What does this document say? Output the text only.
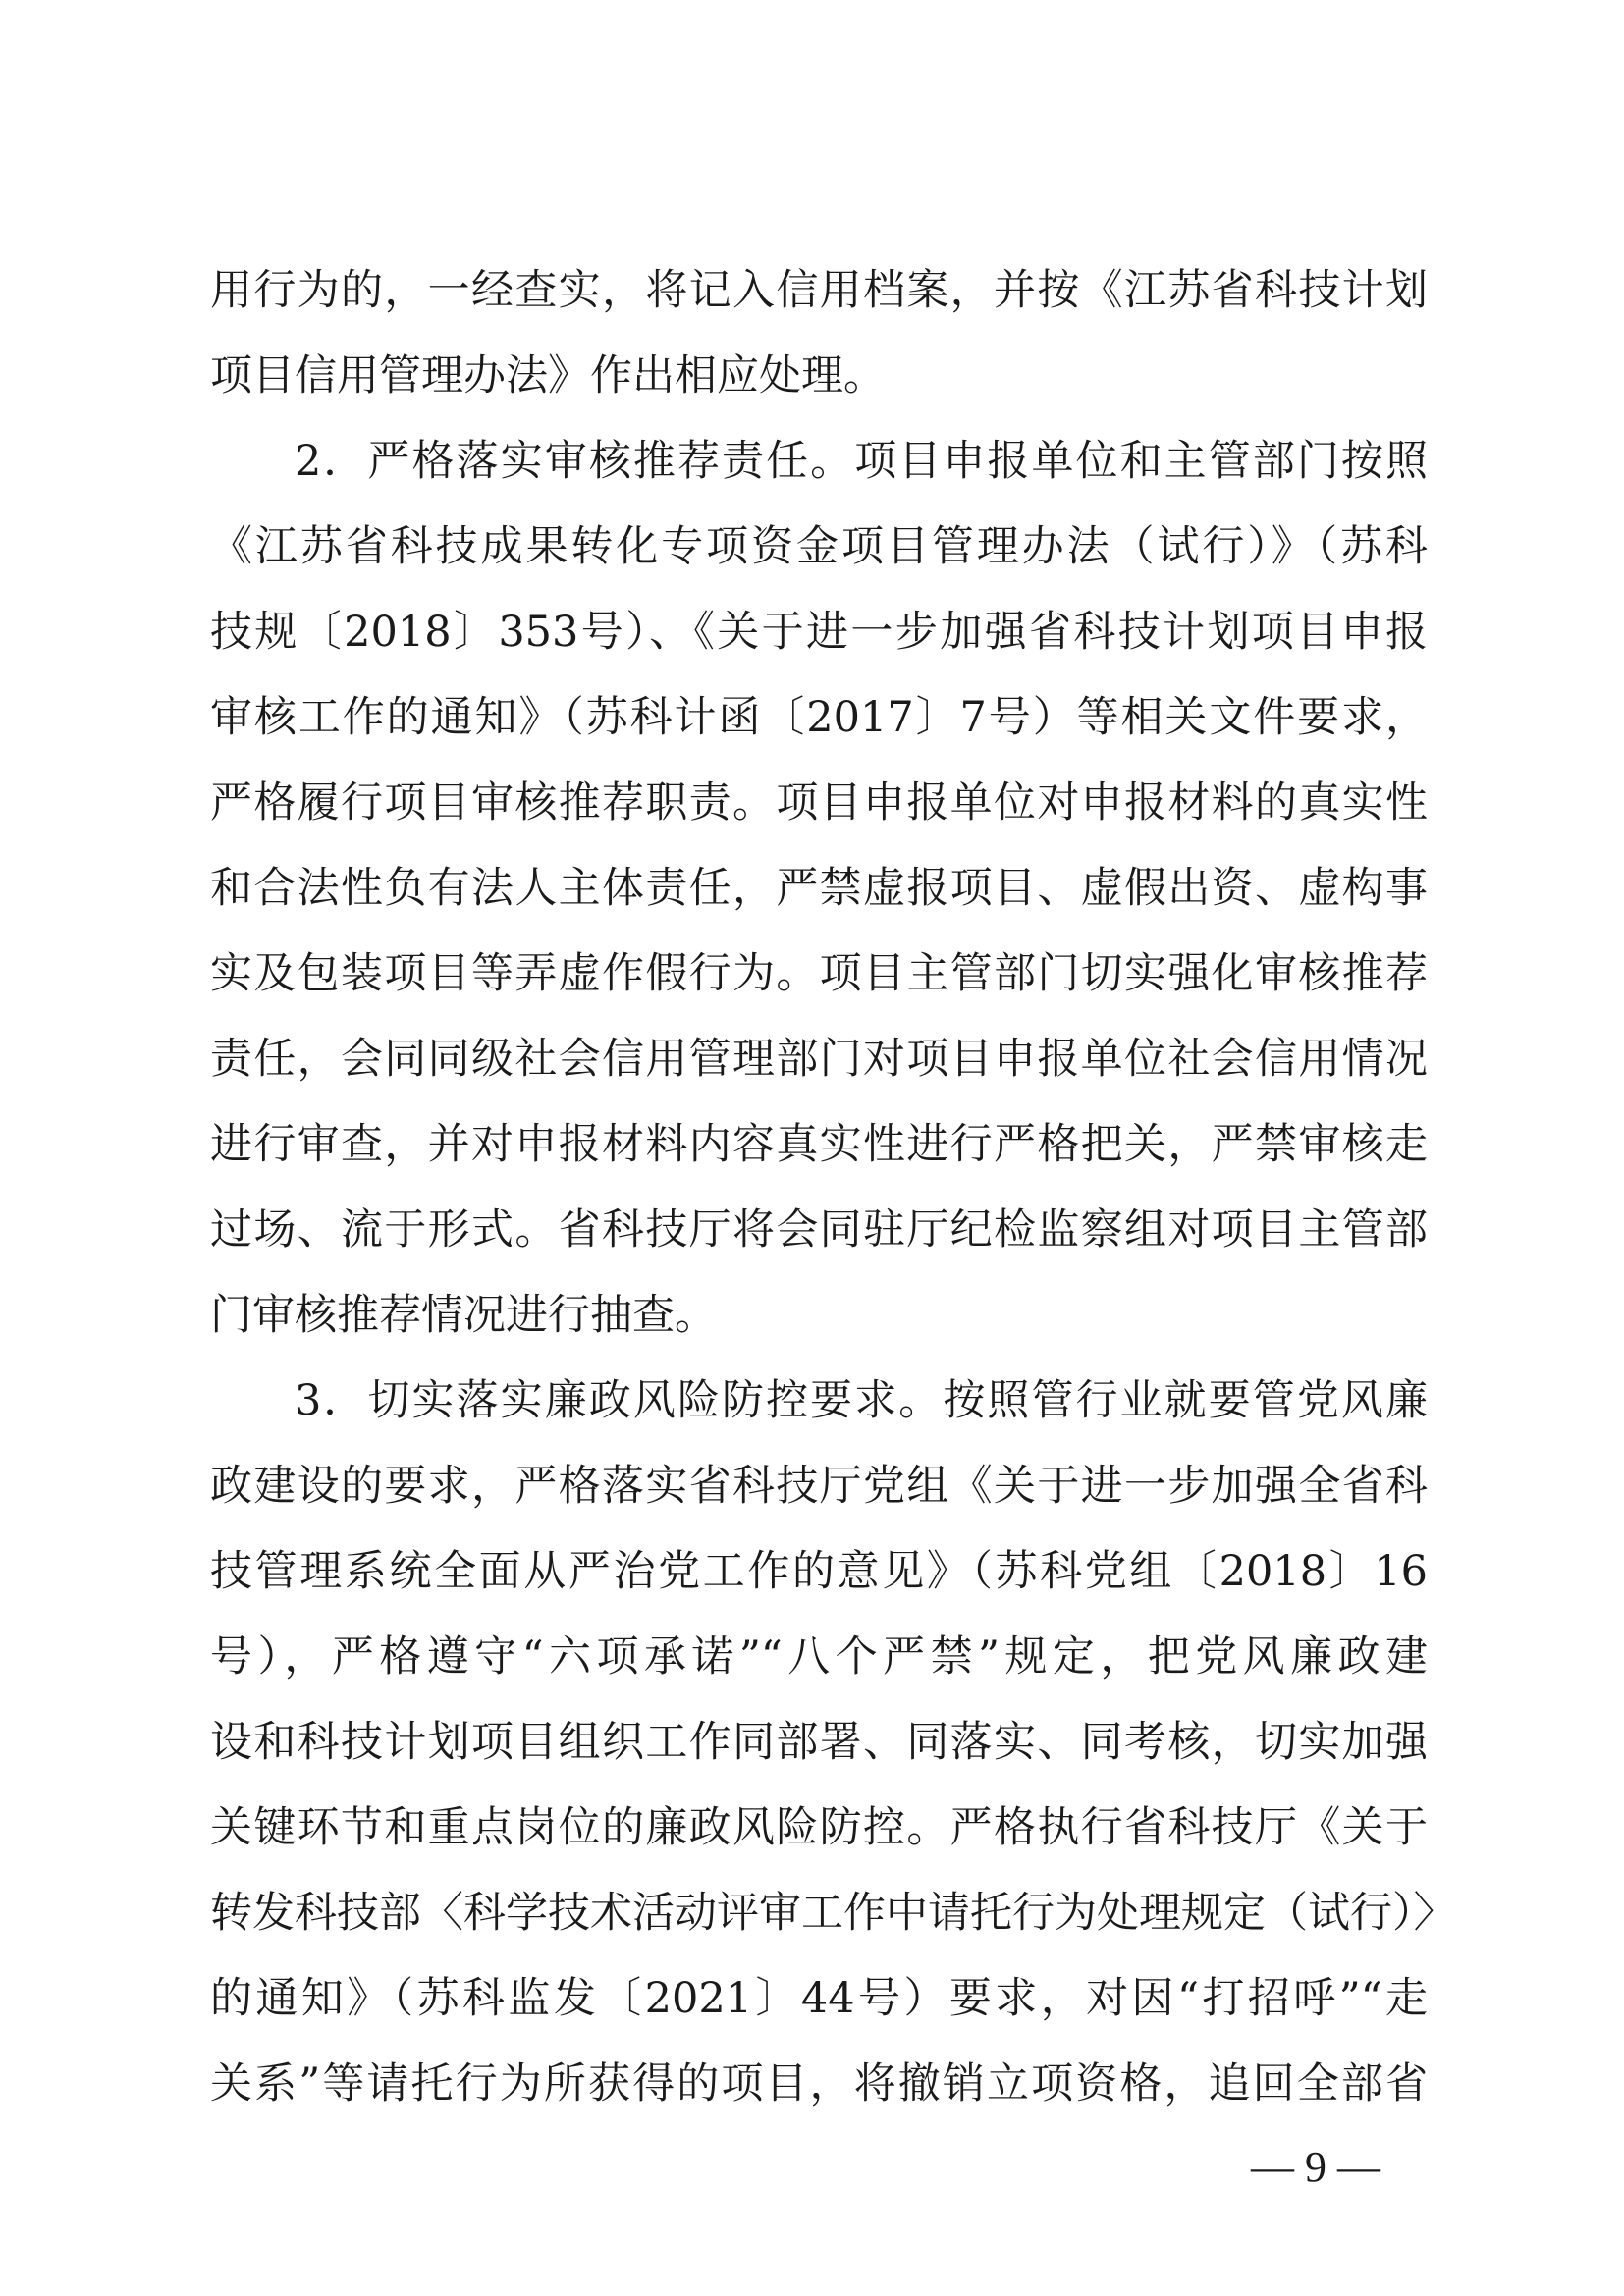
用行为的，一经查实，将记入信用档案，并按《江苏省科技计划
项目信用管理办法》作出相应处理。
2．严格落实审核推荐责任。项目申报单位和主管部门按照
《江苏省科技成果转化专项资金项目管理办法（试行）》（苏科
技规〔2018〕353号）、《关于进一步加强省科技计划项目申报
审核工作的通知》（苏科计函〔2017〕7号）等相关文件要求，
严格履行项目审核推荐职责。项目申报单位对申报材料的真实性
和合法性负有法人主体责任，严禁虚报项目、虚假出资、虚构事
实及包装项目等弄虚作假行为。项目主管部门切实强化审核推荐
责任，会同同级社会信用管理部门对项目申报单位社会信用情况
进行审查，并对申报材料内容真实性进行严格把关，严禁审核走
过场、流于形式。省科技厅将会同驻厅纪检监察组对项目主管部
门审核推荐情况进行抽查。
3．切实落实廉政风险防控要求。按照管行业就要管党风廉
政建设的要求，严格落实省科技厅党组《关于进一步加强全省科
技管理系统全面从严治党工作的意见》（苏科党组〔2018〕16
号），严格遵守“六项承诺”“八个严禁”规定，把党风廉政建
设和科技计划项目组织工作同部署、同落实、同考核，切实加强
关键环节和重点岗位的廉政风险防控。严格执行省科技厅《关于
转发科技部〈科学技术活动评审工作中请托行为处理规定（试行）〉
的通知》（苏科监发〔2021〕44号）要求，对因“打招呼”“走
关系”等请托行为所获得的项目，将撤销立项资格，追回全部省
— 9 —
